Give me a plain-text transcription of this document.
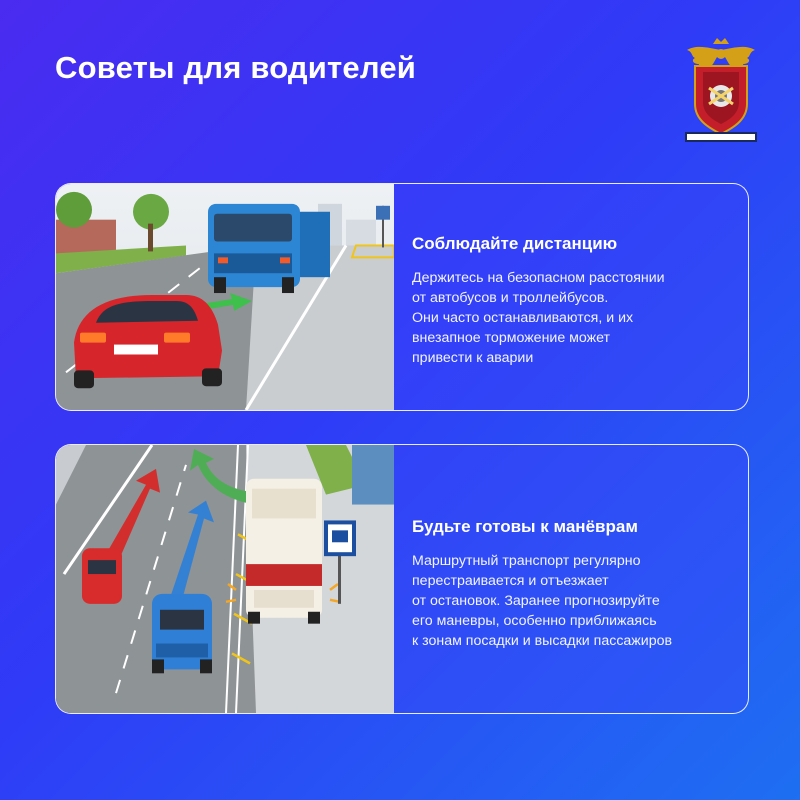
Советы для водителей
Соблюдайте дистанцию
Держитесь на безопасном расстоянии
от автобусов и троллейбусов.
Они часто останавливаются, и их
внезапное торможение может
привести к аварии
Будьте готовы к манёврам
Маршрутный транспорт регулярно
перестраивается и отъезжает
от остановок. Заранее прогнозируйте
его маневры, особенно приближаясь
к зонам посадки и высадки пассажиров
